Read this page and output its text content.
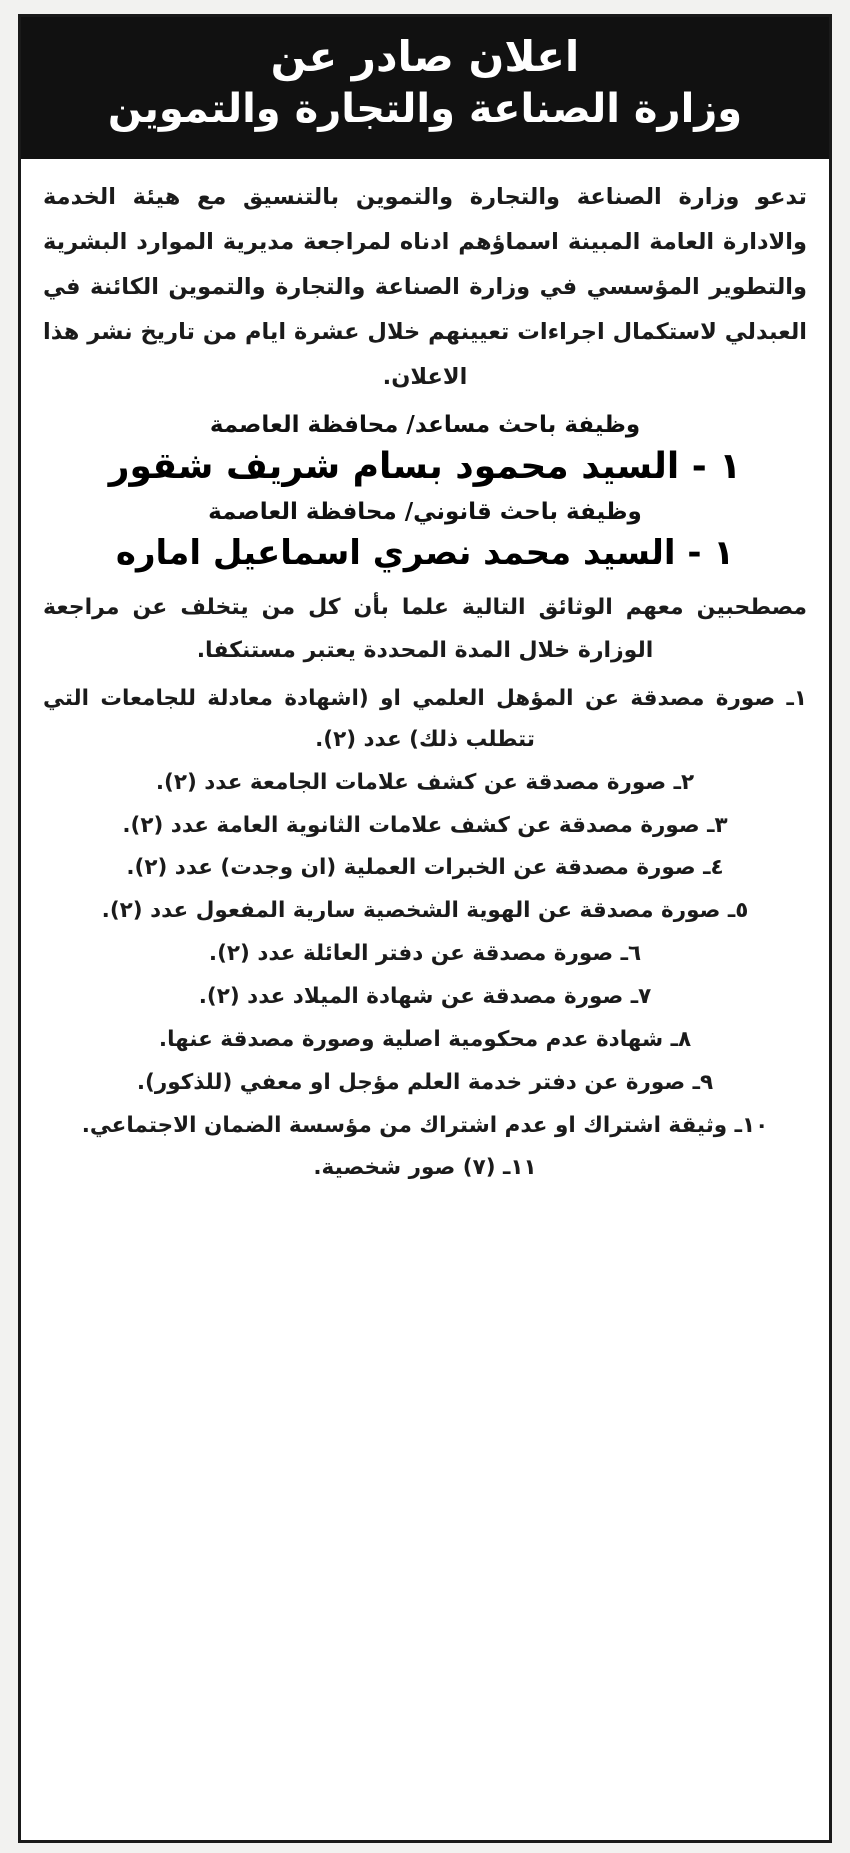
اعلان صادر عن
وزارة الصناعة والتجارة والتموين

تدعو وزارة الصناعة والتجارة والتموين بالتنسيق مع هيئة الخدمة والادارة العامة المبينة اسماؤهم ادناه لمراجعة مديرية الموارد البشرية والتطوير المؤسسي في وزارة الصناعة والتجارة والتموين الكائنة في العبدلي لاستكمال اجراءات تعيينهم خلال عشرة ايام من تاريخ نشر هذا الاعلان.

وظيفة باحث مساعد/ محافظة العاصمة
١ - السيد محمود بسام شريف شقور
وظيفة باحث قانوني/ محافظة العاصمة
١ - السيد محمد نصري اسماعيل اماره

مصطحبين معهم الوثائق التالية علما بأن كل من يتخلف عن مراجعة الوزارة خلال المدة المحددة يعتبر مستنكفا.

١ـ صورة مصدقة عن المؤهل العلمي او (اشهادة معادلة للجامعات التي تتطلب ذلك) عدد (٢).
٢ـ صورة مصدقة عن كشف علامات الجامعة عدد (٢).
٣ـ صورة مصدقة عن كشف علامات الثانوية العامة عدد (٢).
٤ـ صورة مصدقة عن الخبرات العملية (ان وجدت) عدد (٢).
٥ـ صورة مصدقة عن الهوية الشخصية سارية المفعول عدد (٢).
٦ـ صورة مصدقة عن دفتر العائلة عدد (٢).
٧ـ صورة مصدقة عن شهادة الميلاد عدد (٢).
٨ـ شهادة عدم محكومية اصلية وصورة مصدقة عنها.
٩ـ صورة عن دفتر خدمة العلم مؤجل او معفي (للذكور).
١٠ـ وثيقة اشتراك او عدم اشتراك من مؤسسة الضمان الاجتماعي.
١١ـ (٧) صور شخصية.
